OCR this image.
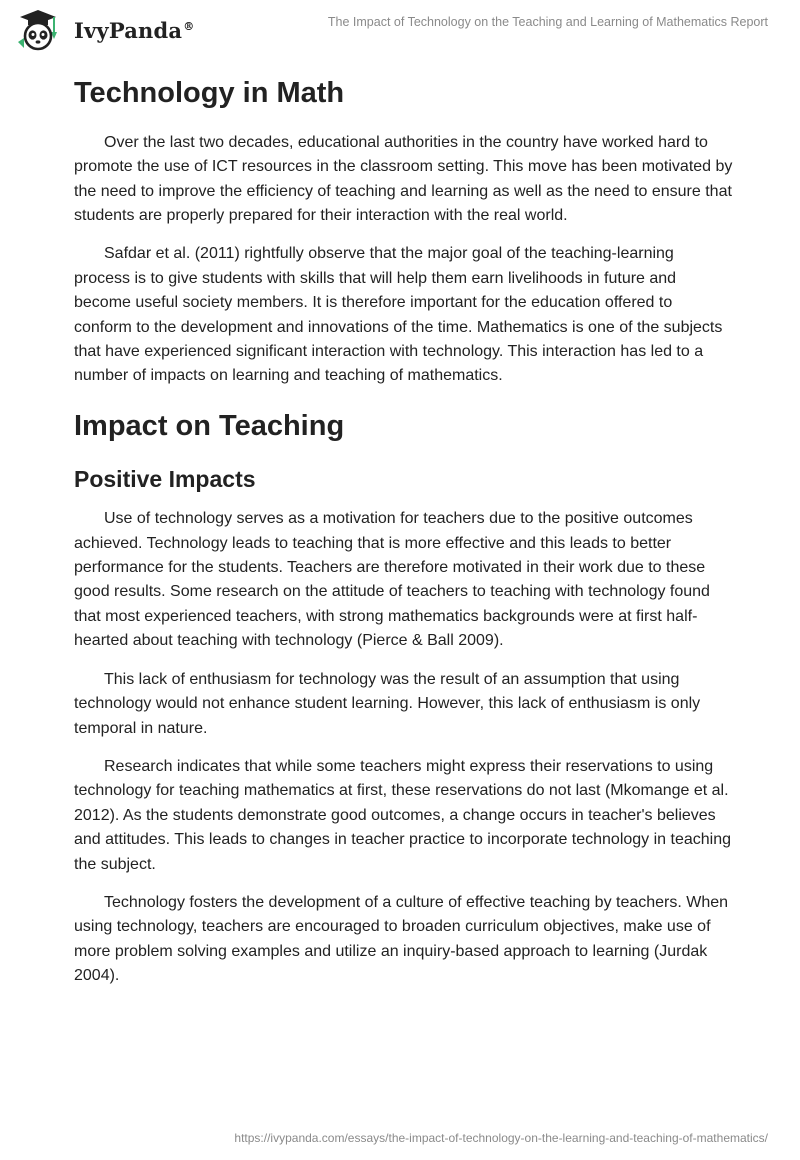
IvyPanda®	The Impact of Technology on the Teaching and Learning of Mathematics Report
Technology in Math

Over the last two decades, educational authorities in the country have worked hard to promote the use of ICT resources in the classroom setting. This move has been motivated by the need to improve the efficiency of teaching and learning as well as the need to ensure that students are properly prepared for their interaction with the real world.

Safdar et al. (2011) rightfully observe that the major goal of the teaching-learning process is to give students with skills that will help them earn livelihoods in future and become useful society members. It is therefore important for the education offered to conform to the development and innovations of the time. Mathematics is one of the subjects that have experienced significant interaction with technology. This interaction has led to a number of impacts on learning and teaching of mathematics.

Impact on Teaching
Positive Impacts

Use of technology serves as a motivation for teachers due to the positive outcomes achieved. Technology leads to teaching that is more effective and this leads to better performance for the students. Teachers are therefore motivated in their work due to these good results. Some research on the attitude of teachers to teaching with technology found that most experienced teachers, with strong mathematics backgrounds were at first half-hearted about teaching with technology (Pierce & Ball 2009).

This lack of enthusiasm for technology was the result of an assumption that using technology would not enhance student learning. However, this lack of enthusiasm is only temporal in nature.

Research indicates that while some teachers might express their reservations to using technology for teaching mathematics at first, these reservations do not last (Mkomange et al. 2012). As the students demonstrate good outcomes, a change occurs in teacher's believes and attitudes. This leads to changes in teacher practice to incorporate technology in teaching the subject.

Technology fosters the development of a culture of effective teaching by teachers. When using technology, teachers are encouraged to broaden curriculum objectives, make use of more problem solving examples and utilize an inquiry-based approach to learning (Jurdak 2004).

https://ivypanda.com/essays/the-impact-of-technology-on-the-learning-and-teaching-of-mathematics/
